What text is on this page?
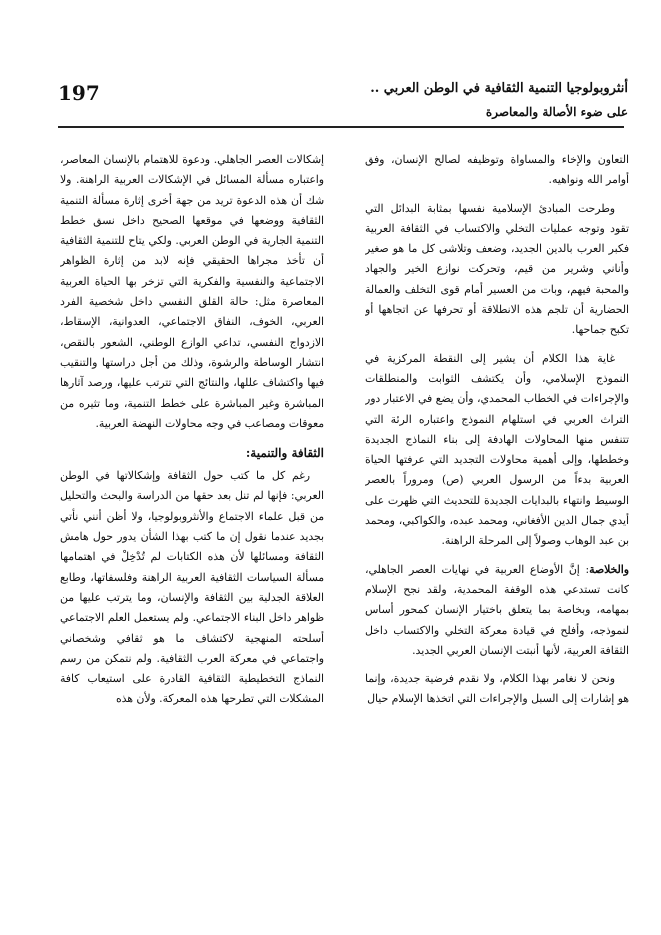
197	أنثروبولوجيا التنمية الثقافية في الوطن العربي ..
على ضوء الأصالة والمعاصرة

التعاون والإخاء والمساواة وتوظيفه لصالح الإنسان، وفق أوامر الله ونواهيه.

وطرحت المبادئ الإسلامية نفسها بمثابة البدائل التي تقود وتوجه عمليات التخلي والاكتساب في الثقافة العربية فكبر العرب بالدين الجديد، وضعف وتلاشى كل ما هو صغير وأناني وشرير من قيم، وتحركت نوازع الخير والجهاد والمحبة فيهم، وبات من العسير أمام قوى التخلف والعمالة الحضارية أن تلجم هذه الانطلاقة أو تحرفها عن اتجاهها أو تكبح جماحها.

غاية هذا الكلام أن يشير إلى النقطة المركزية في النموذج الإسلامي، وأن يكتشف الثوابت والمنطلقات والإجراءات في الخطاب المحمدي، وأن يضع في الاعتبار دور التراث العربي في استلهام النموذج واعتباره الرئة التي تتنفس منها المحاولات الهادفة إلى بناء النماذج الجديدة وخططها، وإلى أهمية محاولات التجديد التي عرفتها الحياة العربية بدءاً من الرسول العربي (ص) ومروراً بالعصر الوسيط وانتهاء بالبدايات الجديدة للتحديث التي ظهرت على أيدي جمال الدين الأفغاني، ومحمد عبده، والكواكبي، ومحمد بن عبد الوهاب وصولاً إلى المرحلة الراهنة.

والخلاصة: إنَّ الأوضاع العربية في نهايات العصر الجاهلي، كانت تستدعي هذه الوقفة المحمدية، ولقد نجح الإسلام بمهامه، وبخاصة بما يتعلق باختيار الإنسان كمحور أساس لنموذجه، وأفلح في قيادة معركة التخلي والاكتساب داخل الثقافة العربية، لأنها أنبتت الإنسان العربي الجديد.

ونحن لا نغامر بهذا الكلام، ولا نقدم فرضية جديدة، وإنما هو إشارات إلى السبل والإجراءات التي اتخذها الإسلام حيال

إشكالات العصر الجاهلي. ودعوة للاهتمام بالإنسان المعاصر، واعتباره مسألة المسائل في الإشكالات العربية الراهنة. ولا شك أن هذه الدعوة تريد من جهة أخرى إثارة مسألة التنمية الثقافية ووضعها في موقعها الصحيح داخل نسق خطط التنمية الجارية في الوطن العربي. ولكي يتاح للتنمية الثقافية أن تأخذ مجراها الحقيقي فإنه لابد من إثارة الظواهر الاجتماعية والنفسية والفكرية التي تزخر بها الحياة العربية المعاصرة مثل: حالة القلق النفسي داخل شخصية الفرد العربي، الخوف، النفاق الاجتماعي، العدوانية، الإسقاط، الازدواج النفسي، تداعي الوازع الوطني، الشعور بالنقص، انتشار الوساطة والرشوة، وذلك من أجل دراستها والتنقيب فيها واكتشاف عللها، والنتائج التي تترتب عليها، ورصد آثارها المباشرة وغير المباشرة على خطط التنمية، وما تثيره من معوقات ومصاعب في وجه محاولات النهضة العربية.

الثقافة والتنمية:

رغم كل ما كتب حول الثقافة وإشكالاتها في الوطن العربي: فإنها لم تنل بعد حقها من الدراسة والبحث والتحليل من قبل علماء الاجتماع والأنثروبولوجيا، ولا أظن أنني نأتي بجديد عندما نقول إن ما كتب بهذا الشأن يدور حول هامش الثقافة ومسائلها لأن هذه الكتابات لم تُدْخِلْ في اهتمامها مسألة السياسات الثقافية العربية الراهنة وفلسفاتها، وطابع العلاقة الجدلية بين الثقافة والإنسان، وما يترتب عليها من ظواهر داخل البناء الاجتماعي. ولم يستعمل العلم الاجتماعي أسلحته المنهجية لاكتشاف ما هو ثقافي وشخصاني واجتماعي في معركة العرب الثقافية. ولم نتمكن من رسم النماذج التخطيطية الثقافية القادرة على استيعاب كافة المشكلات التي تطرحها هذه المعركة. ولأن هذه
